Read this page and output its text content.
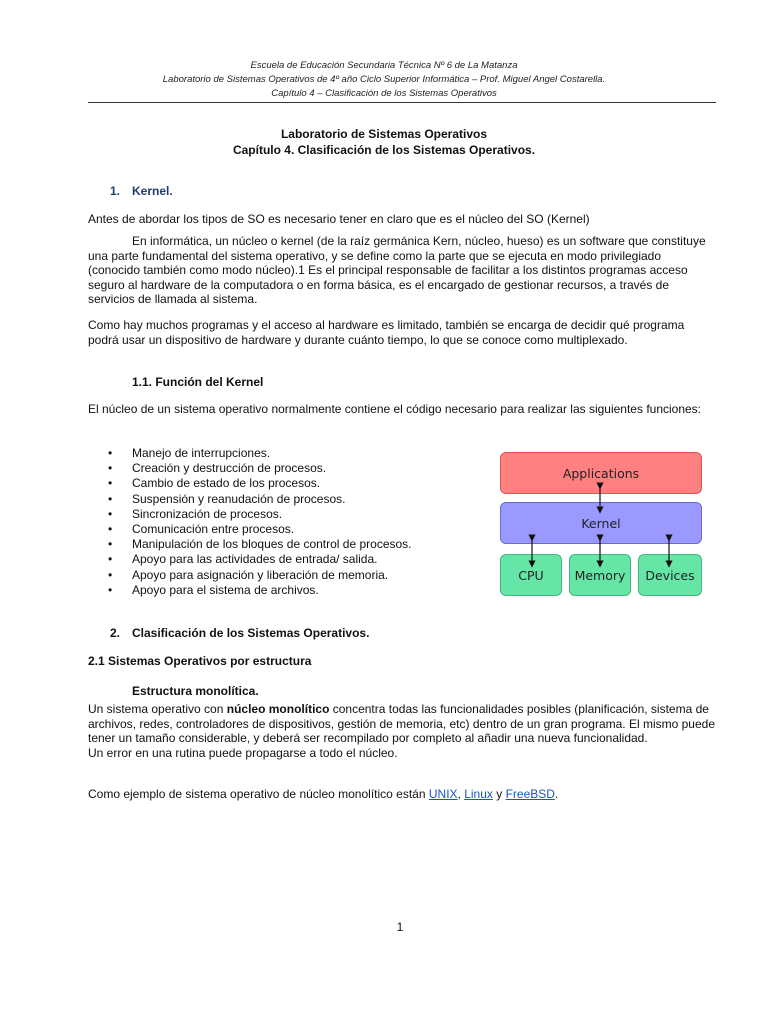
Escuela de Educación Secundaria Técnica Nº 6 de La Matanza
Laboratorio de Sistemas Operativos de 4º año Ciclo Superior Informática – Prof. Miguel Angel Costarella.
Capítulo 4 – Clasificación de los Sistemas Operativos
Laboratorio de Sistemas Operativos
Capítulo 4. Clasificación de los Sistemas Operativos.
1. Kernel.
Antes de abordar los tipos de SO es necesario tener en claro que es el núcleo del SO (Kernel)
En informática, un núcleo o kernel (de la raíz germánica Kern, núcleo, hueso) es un software que constituye una parte fundamental del sistema operativo, y se define como la parte que se ejecuta en modo privilegiado (conocido también como modo núcleo).1 Es el principal responsable de facilitar a los distintos programas acceso seguro al hardware de la computadora o en forma básica, es el encargado de gestionar recursos, a través de servicios de llamada al sistema.
Como hay muchos programas y el acceso al hardware es limitado, también se encarga de decidir qué programa podrá usar un dispositivo de hardware y durante cuánto tiempo, lo que se conoce como multiplexado.
1.1. Función del Kernel
El núcleo de un sistema operativo normalmente contiene el código necesario para realizar las siguientes funciones:
• Manejo de interrupciones.
• Creación y destrucción de procesos.
• Cambio de estado de los procesos.
• Suspensión y reanudación de procesos.
• Sincronización de procesos.
• Comunicación entre procesos.
• Manipulación de los bloques de control de procesos.
• Apoyo para las actividades de entrada/ salida.
• Apoyo para asignación y liberación de memoria.
• Apoyo para el sistema de archivos.
Applications
Kernel
CPU	Memory	Devices
2. Clasificación de los Sistemas Operativos.
2.1 Sistemas Operativos por estructura
Estructura monolítica.
Un sistema operativo con núcleo monolítico concentra todas las funcionalidades posibles (planificación, sistema de archivos, redes, controladores de dispositivos, gestión de memoria, etc) dentro de un gran programa. El mismo puede tener un tamaño considerable, y deberá ser recompilado por completo al añadir una nueva funcionalidad.
Un error en una rutina puede propagarse a todo el núcleo.
Como ejemplo de sistema operativo de núcleo monolítico están UNIX, Linux y FreeBSD.
1
